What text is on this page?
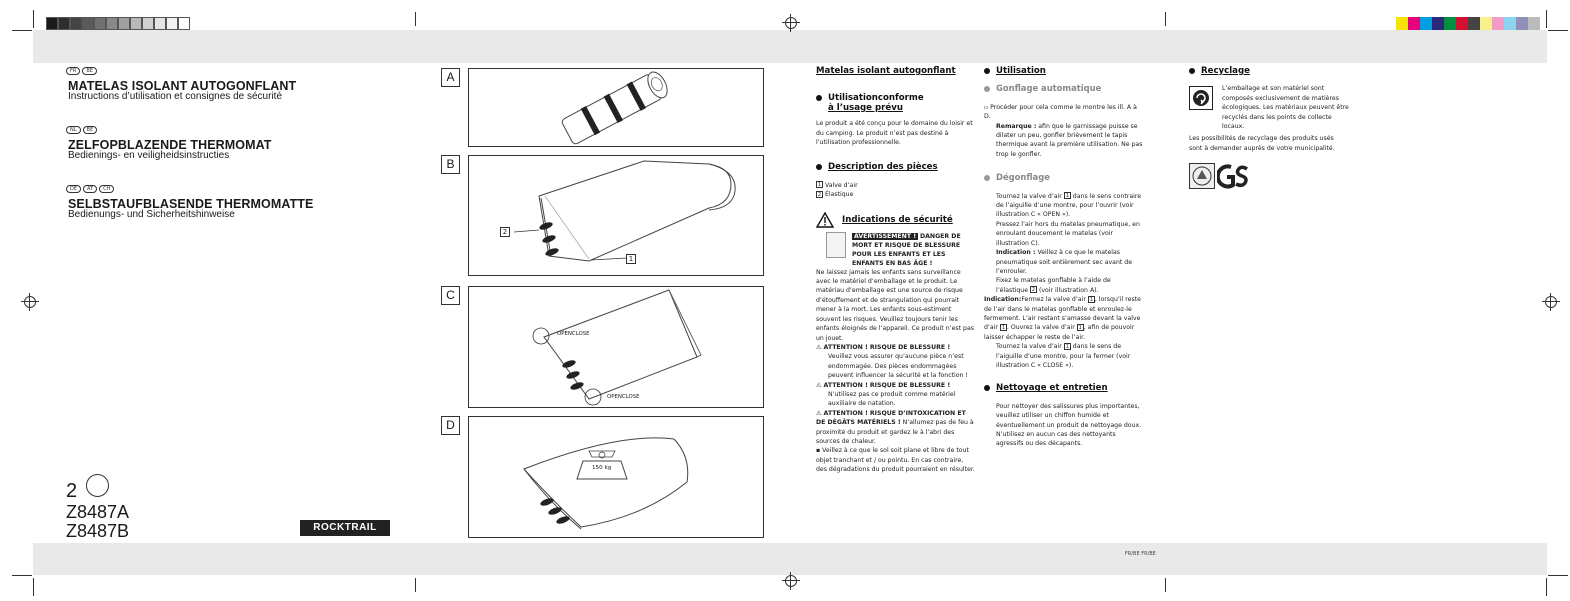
FR BE
MATELAS ISOLANT AUTOGONFLANT
Instructions d’utilisation et consignes de sécurité
NL BE
ZELFOPBLAZENDE THERMOMAT
Bedienings- en veiligheidsinstructies
DE AT CH
SELBSTAUFBLASENDE THERMOMATTE
Bedienungs- und Sicherheitshinweise
2
Z8487A
Z8487B	ROCKTRAIL
A
B
2
1
C
OPENCLOSE
OPENCLOSE
D
150 kg
Matelas isolant autogonflant
Utilisationconforme
à l’usage prévu
Le produit a été conçu pour le domaine du loisir et du camping. Le produit n’est pas destiné à l’utilisation professionnelle.
Description des pièces
1 Valve d’air
2 Élastique
Indications de sécurité
AVERTISSEMENT ! DANGER DE MORT ET RISQUE DE BLESSURE POUR LES ENFANTS ET LES ENFANTS EN BAS ÂGE !
Ne laissez jamais les enfants sans surveillance avec le matériel d’emballage et le produit. Le matériau d’emballage est une source de risque d’étouffement et de strangulation qui pourrait mener à la mort. Les enfants sous-estiment souvent les risques. Veuillez toujours tenir les enfants éloignés de l’appareil. Ce produit n’est pas un jouet.
⚠ ATTENTION ! RISQUE DE BLESSURE !
Veuillez vous assurer qu’aucune pièce n’est endommagée. Des pièces endommagées peuvent influencer la sécurité et la fonction !
⚠ ATTENTION ! RISQUE DE BLESSURE !
N’utilisez pas ce produit comme matériel auxiliaire de natation.
⚠ ATTENTION ! RISQUE D’INTOXICATION ET DE DÉGÂTS MATÉRIELS ! N’allumez pas de feu à proximité du produit et gardez le à l’abri des sources de chaleur.
▪ Veillez à ce que le sol soit plane et libre de tout objet tranchant et / ou pointu. En cas contraire, des dégradations du produit pourraient en résulter.
Utilisation
Gonflage automatique
▫ Procéder pour cela comme le montre les ill. A à D.
Remarque : afin que le garnissage puisse se dilater un peu, gonfler brièvement le tapis thermique avant la première utilisation. Ne pas trop le gonfler.
Dégonflage
Tournez la valve d’air 1 dans le sens contraire de l’aiguille d’une montre, pour l’ouvrir (voir illustration C « OPEN »).
Pressez l’air hors du matelas pneumatique, en enroulant doucement le matelas (voir illustration C).
Indication : Veillez à ce que le matelas pneumatique soit entièrement sec avant de l’enrouler.
Fixez le matelas gonflable à l’aide de l’élastique 2 (voir illustration A).
Indication:Fermez la valve d’air 1 , lorsqu’il reste de l’air dans le matelas gonflable et enroulez-le fermement. L’air restant s’amasse devant la valve d’air 1 . Ouvrez la valve d’air 1 , afin de pouvoir laisser échapper le reste de l’air.
Tournez la valve d’air 1 dans le sens de l’aiguille d’une montre, pour la fermer (voir illustration C « CLOSE »).
Nettoyage et entretien
Pour nettoyer des salissures plus importantes, veuillez utiliser un chiffon humide et éventuellement un produit de nettoyage doux.
N’utilisez en aucun cas des nettoyants agressifs ou des décapants.
Recyclage
L’emballage et son matériel sont composés exclusivement de matières écologiques. Les matériaux peuvent être recyclés dans les points de collecte locaux.
Les possibilités de recyclage des produits usés sont à demander auprès de votre municipalité.
FR/BE FR/BE
